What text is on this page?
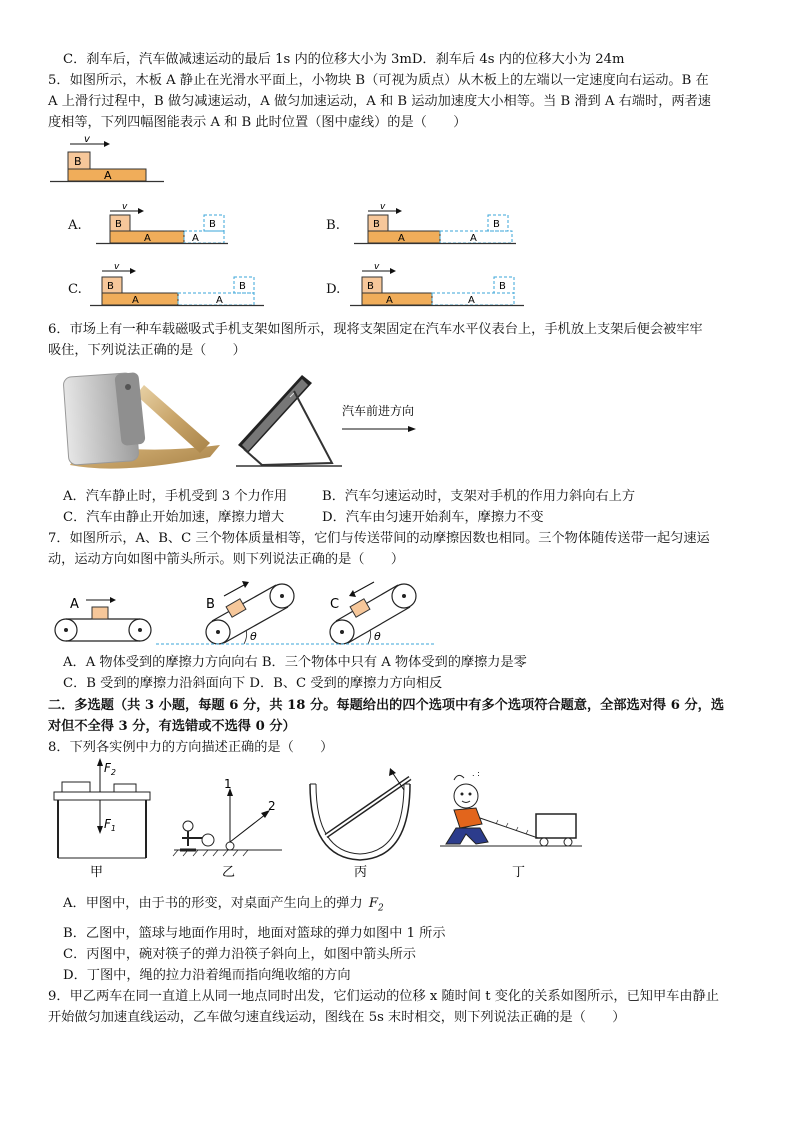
C．刹车后，汽车做减速运动的最后 1s 内的位移大小为 3mD．刹车后 4s 内的位移大小为 24m
5．如图所示，木板 A 静止在光滑水平面上，小物块 B（可视为质点）从木板上的左端以一定速度向右运动。B 在
A 上滑行过程中，B 做匀减速运动，A 做匀加速运动，A 和 B 运动加速度大小相等。当 B 滑到 A 右端时，两者速
度相等，下列四幅图能表示 A 和 B 此时位置（图中虚线）的是（　　）
v
B
A
A.
v
B
A	A
B	B.
v
B
A	A
B
C.
v
B
A	A
B	D.
v
B
A	A
B
6．市场上有一种车载磁吸式手机支架如图所示，现将支架固定在汽车水平仪表台上，手机放上支架后便会被牢牢
吸住，下列说法正确的是（　　）
汽车前进方向
A．汽车静止时，手机受到 3 个力作用	B．汽车匀速运动时，支架对手机的作用力斜向右上方
C．汽车由静止开始加速，摩擦力增大	D．汽车由匀速开始刹车，摩擦力不变
7．如图所示，A、B、C 三个物体质量相等，它们与传送带间的动摩擦因数也相同。三个物体随传送带一起匀速运
动，运动方向如图中箭头所示。则下列说法正确的是（　　）
A	B
θ
C
θ
A．A 物体受到的摩擦力方向向右 B．三个物体中只有 A 物体受到的摩擦力是零
C．B 受到的摩擦力沿斜面向下 D．B、C 受到的摩擦力方向相反
二．多选题（共 3 小题，每题 6 分，共 18 分。每题给出的四个选项中有多个选项符合题意，全部选对得 6 分，选
对但不全得 3 分，有选错或不选得 0 分）
8．下列各实例中力的方向描述正确的是（　　）
$F_2$
$F_1$
甲
1
2
乙	丙
. :
丁
A．甲图中，由于书的形变，对桌面产生向上的弹力 $F_2$
B．乙图中，篮球与地面作用时，地面对篮球的弹力如图中 1 所示
C．丙图中，碗对筷子的弹力沿筷子斜向上，如图中箭头所示
D．丁图中，绳的拉力沿着绳而指向绳收缩的方向
9．甲乙两车在同一直道上从同一地点同时出发，它们运动的位移 x 随时间 t 变化的关系如图所示，已知甲车由静止
开始做匀加速直线运动，乙车做匀速直线运动，图线在 5s 末时相交，则下列说法正确的是（　　）
